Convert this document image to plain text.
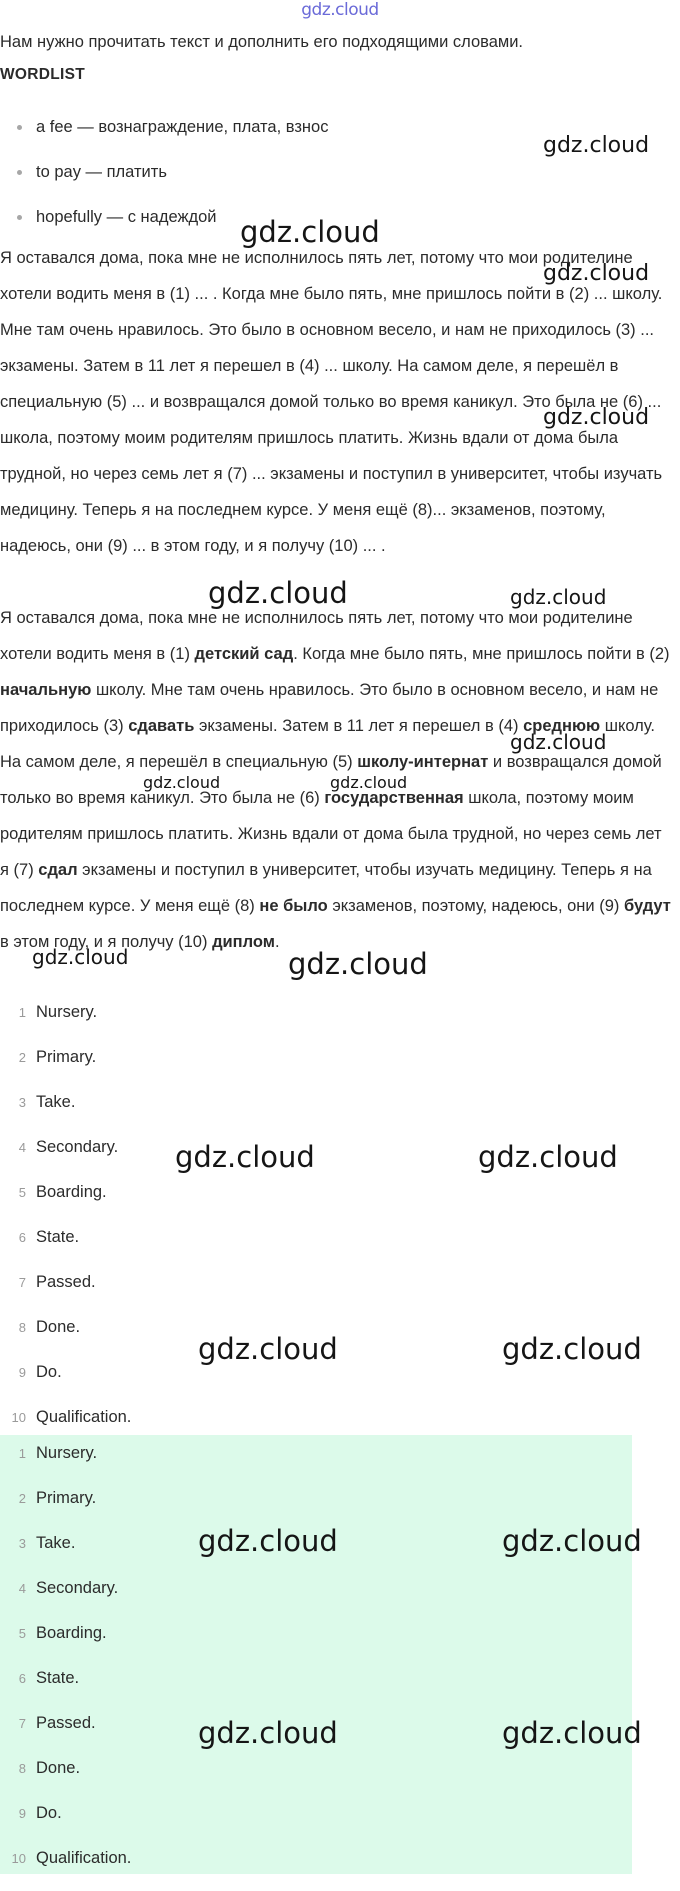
gdz.cloud
Нам нужно прочитать текст и дополнить его подходящими словами.
WORDLIST
a fee — вознаграждение, плата, взнос
to pay — платить
hopefully — с надеждой

Я оставался дома, пока мне не исполнилось пять лет, потому что мои родителине хотели водить меня в (1) ... . Когда мне было пять, мне пришлось пойти в (2) ... школу. Мне там очень нравилось. Это было в основном весело, и нам не приходилось (3) ... экзамены. Затем в 11 лет я перешел в (4) ... школу. На самом деле, я перешёл в специальную (5) ... и возвращался домой только во время каникул. Это была не (6) ... школа, поэтому моим родителям пришлось платить. Жизнь вдали от дома была трудной, но через семь лет я (7) ... экзамены и поступил в университет, чтобы изучать медицину. Теперь я на последнем курсе. У меня ещё (8)... экзаменов, поэтому, надеюсь, они (9) ... в этом году, и я получу (10) ... .

Я оставался дома, пока мне не исполнилось пять лет, потому что мои родителине хотели водить меня в (1) детский сад. Когда мне было пять, мне пришлось пойти в (2) начальную школу. Мне там очень нравилось. Это было в основном весело, и нам не приходилось (3) сдавать экзамены. Затем в 11 лет я перешел в (4) среднюю школу. На самом деле, я перешёл в специальную (5) школу-интернат и возвращался домой только во время каникул. Это была не (6) государственная школа, поэтому моим родителям пришлось платить. Жизнь вдали от дома была трудной, но через семь лет я (7) сдал экзамены и поступил в университет, чтобы изучать медицину. Теперь я на последнем курсе. У меня ещё (8) не было экзаменов, поэтому, надеюсь, они (9) будут в этом году, и я получу (10) диплом.

1 Nursery.
2 Primary.
3 Take.
4 Secondary.
5 Boarding.
6 State.
7 Passed.
8 Done.
9 Do.
10 Qualification.
1 Nursery.
2 Primary.
3 Take.
4 Secondary.
5 Boarding.
6 State.
7 Passed.
8 Done.
9 Do.
10 Qualification.
gdz.cloud
gdz.cloud
gdz.cloud
gdz.cloud
gdz.cloud	gdz.cloud
gdz.cloud
gdz.cloud	gdz.cloud
gdz.cloud	gdz.cloud
gdz.cloud	gdz.cloud
gdz.cloud	gdz.cloud
gdz.cloud	gdz.cloud
gdz.cloud	gdz.cloud
